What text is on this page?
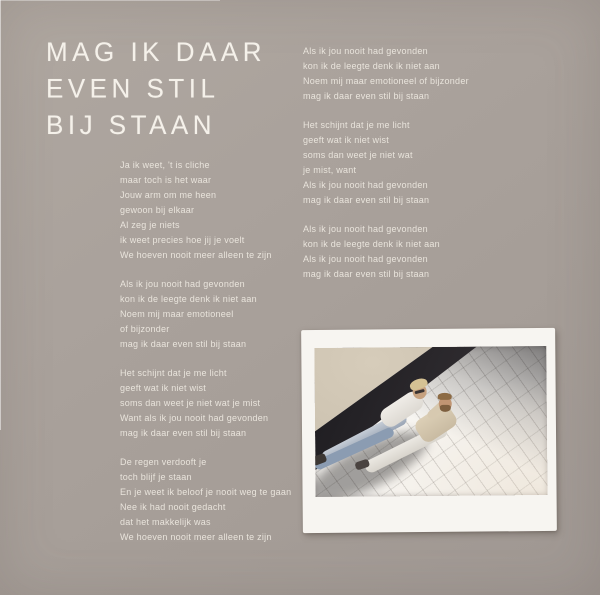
MAG IK DAAR
EVEN STIL
BIJ STAAN
Ja ik weet, 't is cliche
maar toch is het waar
Jouw arm om me heen
gewoon bij elkaar
Al zeg je niets
ik weet precies hoe jij je voelt
We hoeven nooit meer alleen te zijn
Als ik jou nooit had gevonden
kon ik de leegte denk ik niet aan
Noem mij maar emotioneel
of bijzonder
mag ik daar even stil bij staan
Het schijnt dat je me licht
geeft wat ik niet wist
soms dan weet je niet wat je mist
Want als ik jou nooit had gevonden
mag ik daar even stil bij staan
De regen verdooft je
toch blijf je staan
En je weet ik beloof je nooit weg te gaan
Nee ik had nooit gedacht
dat het makkelijk was
We hoeven nooit meer alleen te zijn
Als ik jou nooit had gevonden
kon ik de leegte denk ik niet aan
Noem mij maar emotioneel of bijzonder
mag ik daar even stil bij staan
Het schijnt dat je me licht
geeft wat ik niet wist
soms dan weet je niet wat
je mist, want
Als ik jou nooit had gevonden
mag ik daar even stil bij staan
Als ik jou nooit had gevonden
kon ik de leegte denk ik niet aan
Als ik jou nooit had gevonden
mag ik daar even stil bij staan
